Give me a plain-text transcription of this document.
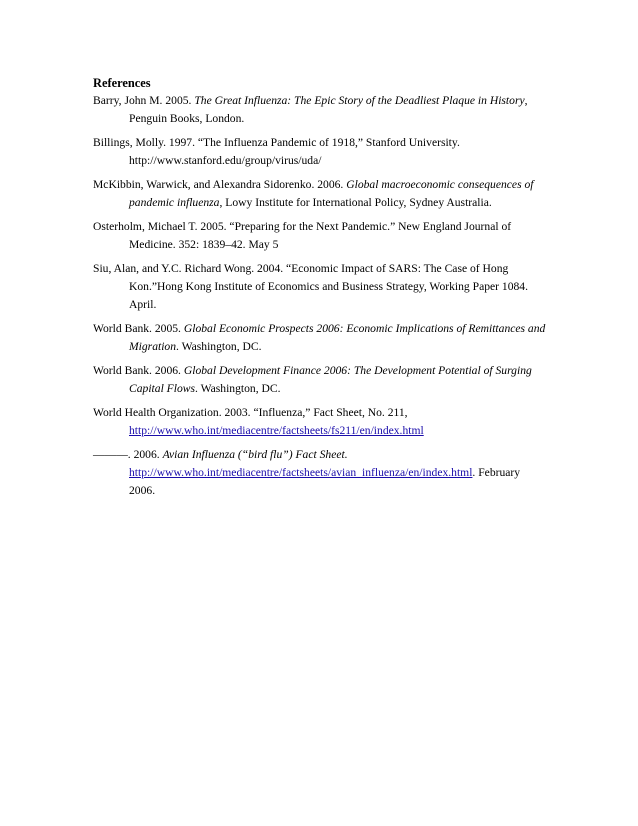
References
Barry, John M. 2005. The Great Influenza: The Epic Story of the Deadliest Plaque in History,
Penguin Books, London.
Billings, Molly. 1997. “The Influenza Pandemic of 1918,” Stanford University.
http://www.stanford.edu/group/virus/uda/
McKibbin, Warwick, and Alexandra Sidorenko. 2006. Global macroeconomic consequences of
pandemic influenza, Lowy Institute for International Policy, Sydney Australia.
Osterholm, Michael T. 2005. “Preparing for the Next Pandemic.” New England Journal of
Medicine. 352: 1839–42. May 5
Siu, Alan, and Y.C. Richard Wong. 2004. “Economic Impact of SARS: The Case of Hong
Kon.”Hong Kong Institute of Economics and Business Strategy, Working Paper 1084.
April.
World Bank. 2005. Global Economic Prospects 2006: Economic Implications of Remittances and
Migration. Washington, DC.
World Bank. 2006. Global Development Finance 2006: The Development Potential of Surging
Capital Flows. Washington, DC.
World Health Organization. 2003. “Influenza,” Fact Sheet, No. 211,
http://www.who.int/mediacentre/factsheets/fs211/en/index.html
———. 2006. Avian Influenza (“bird flu”) Fact Sheet.
http://www.who.int/mediacentre/factsheets/avian_influenza/en/index.html. February
2006.
